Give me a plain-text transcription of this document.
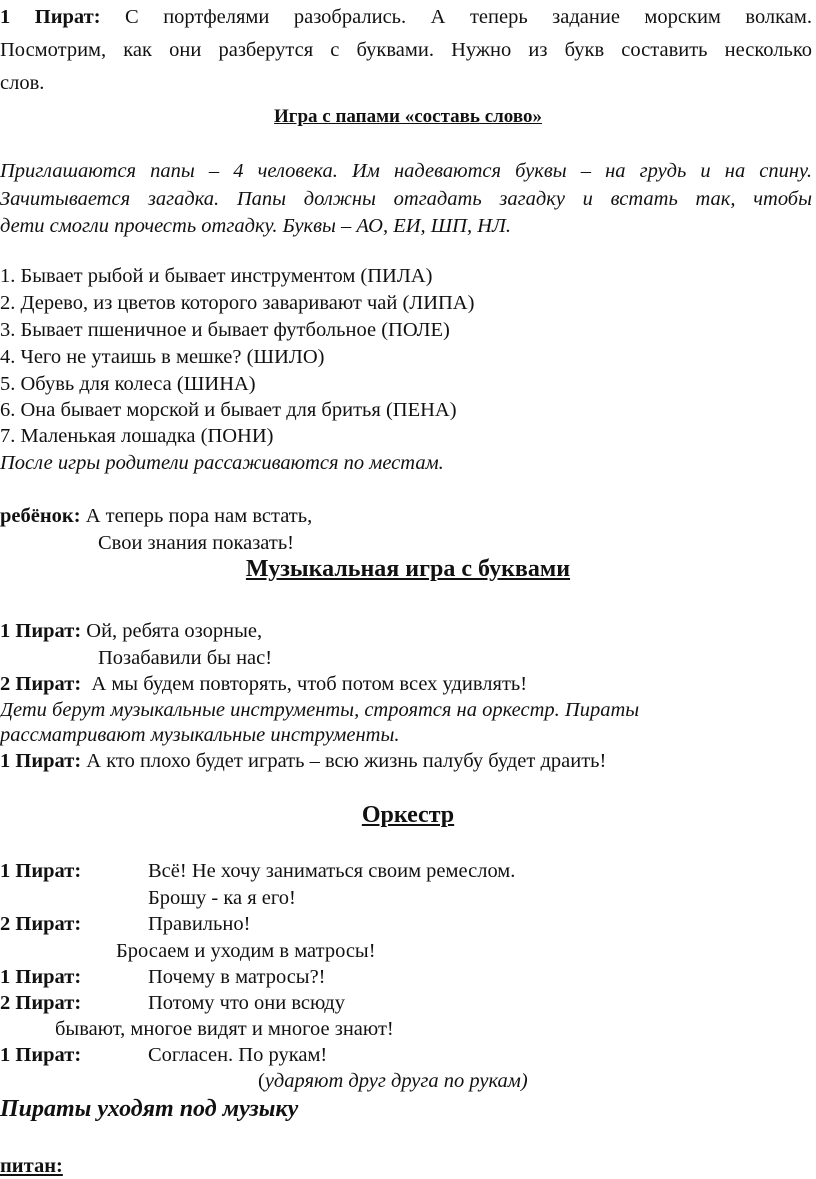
1 Пират: С портфелями разобрались. А теперь задание морским волкам.
Посмотрим, как они разберутся с буквами. Нужно из букв составить несколько
слов.
Игра с папами «составь слово»
Приглашаются папы – 4 человека. Им надеваются буквы – на грудь и на спину.
Зачитывается загадка. Папы должны отгадать загадку и встать так, чтобы
дети смогли прочесть отгадку. Буквы – АО, ЕИ, ШП, НЛ.
1. Бывает рыбой и бывает инструментом (ПИЛА)
2. Дерево, из цветов которого заваривают чай (ЛИПА)
3. Бывает пшеничное и бывает футбольное (ПОЛЕ)
4. Чего не утаишь в мешке? (ШИЛО)
5. Обувь для колеса (ШИНА)
6. Она бывает морской и бывает для бритья (ПЕНА)
7. Маленькая лошадка (ПОНИ)
После игры родители рассаживаются по местам.
ребёнок: А теперь пора нам встать,
Свои знания показать!
Музыкальная игра с буквами
1 Пират: Ой, ребята озорные,
Позабавили бы нас!
2 Пират: А мы будем повторять, чтоб потом всех удивлять!
Дети берут музыкальные инструменты, строятся на оркестр. Пираты
рассматривают музыкальные инструменты.
1 Пират: А кто плохо будет играть – всю жизнь палубу будет драить!
Оркестр
1 Пират:	Всё! Не хочу заниматься своим ремеслом.
Брошу - ка я его!
2 Пират:	Правильно!
Бросаем и уходим в матросы!
1 Пират:	Почему в матросы?!
2 Пират:	Потому что они всюду
бывают, многое видят и многое знают!
1 Пират:	Согласен. По рукам!
(ударяют друг друга по рукам)
Пираты уходят под музыку
питан:
